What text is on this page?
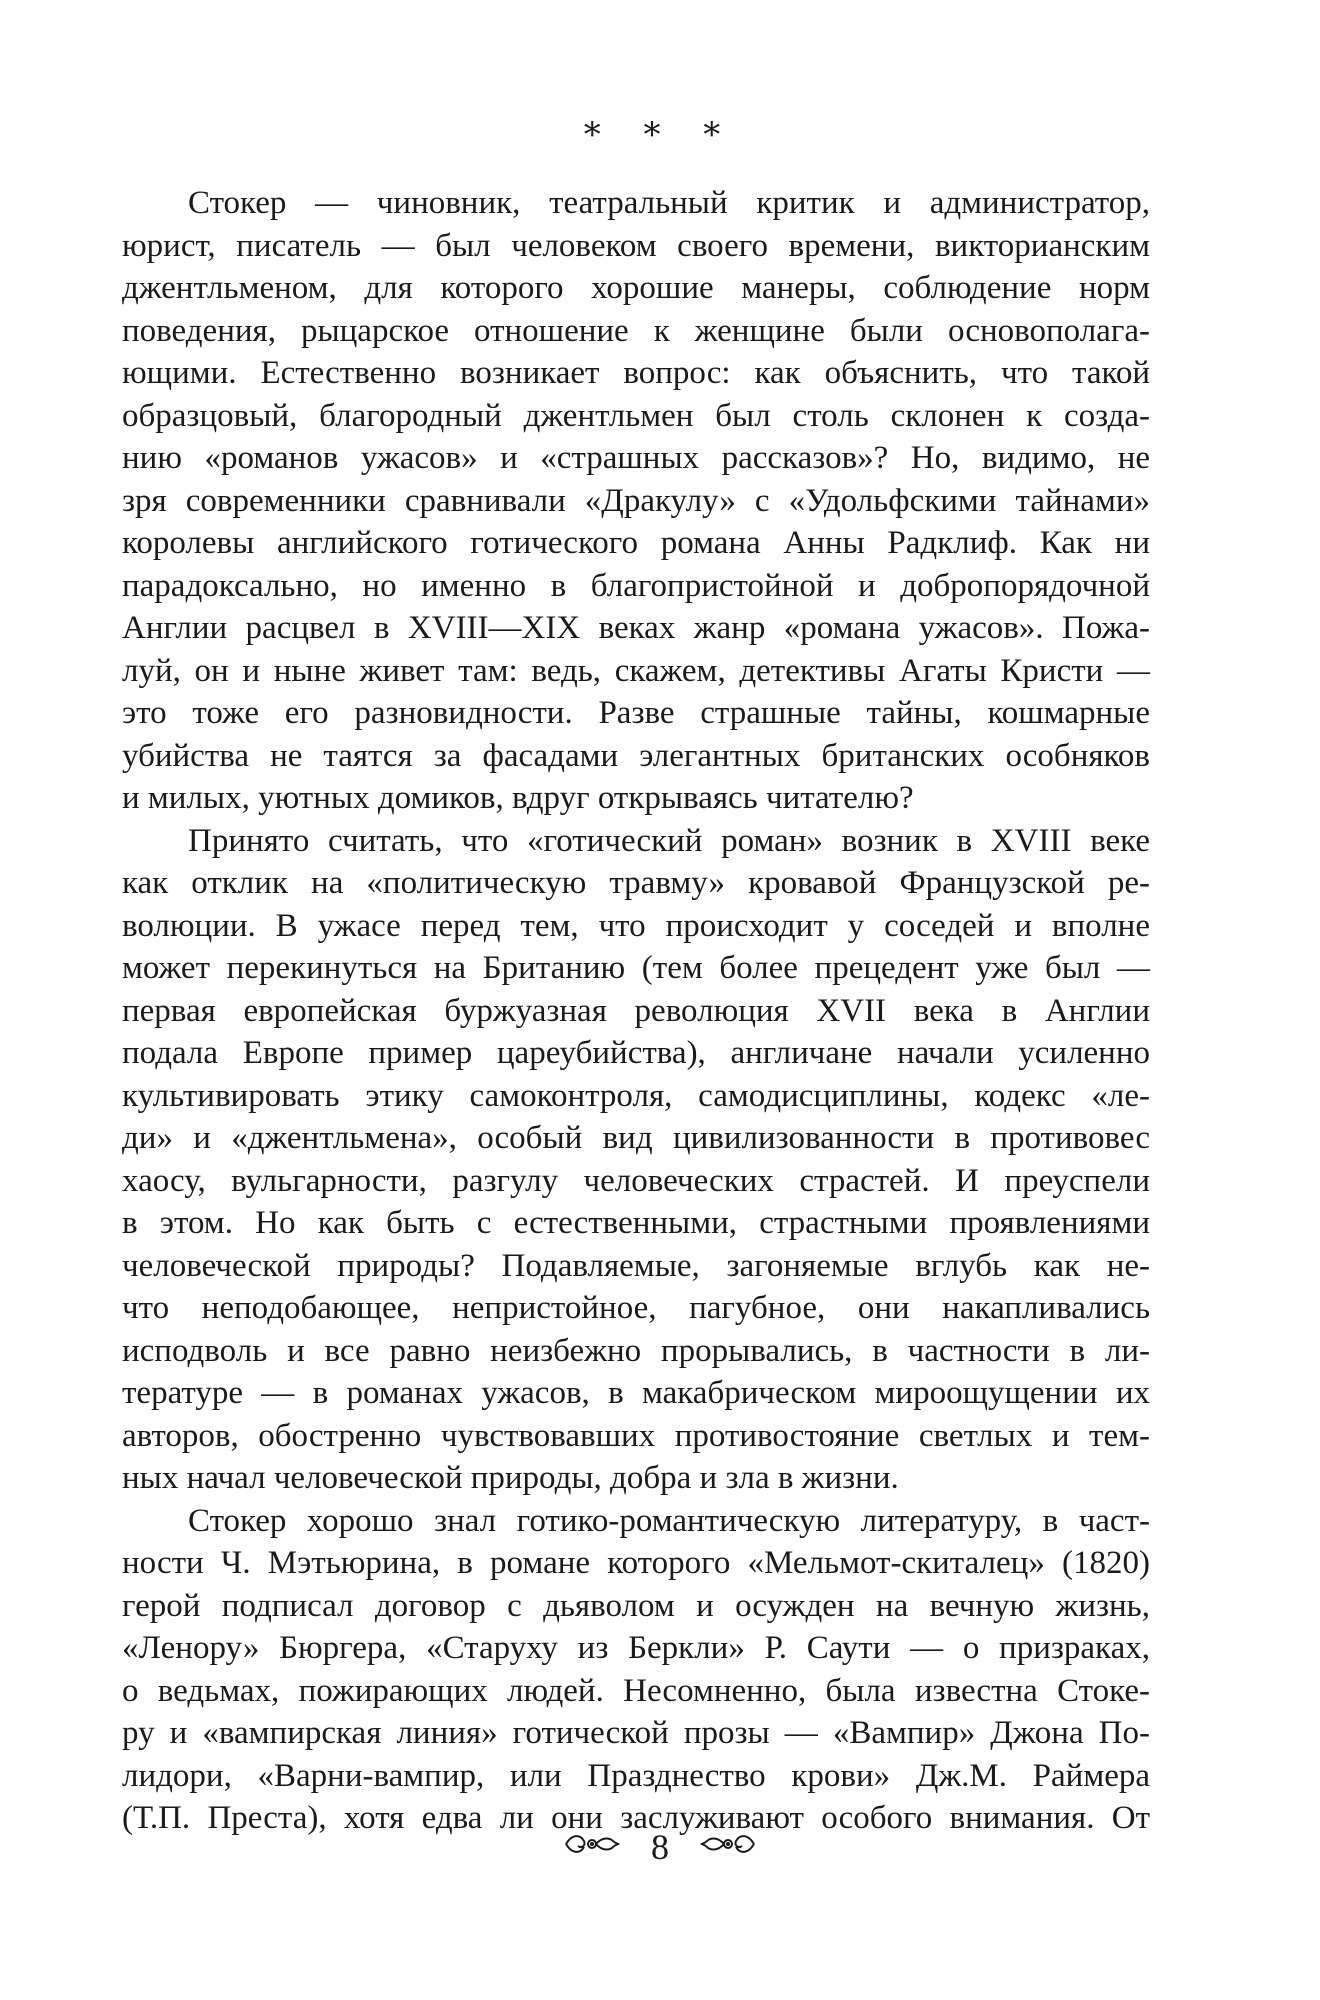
* * *
Стокер — чиновник, театральный критик и администратор,
юрист, писатель — был человеком своего времени, викторианским
джентльменом, для которого хорошие манеры, соблюдение норм
поведения, рыцарское отношение к женщине были основополага-
ющими. Естественно возникает вопрос: как объяснить, что такой
образцовый, благородный джентльмен был столь склонен к созда-
нию «романов ужасов» и «страшных рассказов»? Но, видимо, не
зря современники сравнивали «Дракулу» с «Удольфскими тайнами»
королевы английского готического романа Анны Радклиф. Как ни
парадоксально, но именно в благопристойной и добропорядочной
Англии расцвел в XVIII—XIX веках жанр «романа ужасов». Пожа-
луй, он и ныне живет там: ведь, скажем, детективы Агаты Кристи —
это тоже его разновидности. Разве страшные тайны, кошмарные
убийства не таятся за фасадами элегантных британских особняков
и милых, уютных домиков, вдруг открываясь читателю?
Принято считать, что «готический роман» возник в XVIII веке
как отклик на «политическую травму» кровавой Французской ре-
волюции. В ужасе перед тем, что происходит у соседей и вполне
может перекинуться на Британию (тем более прецедент уже был —
первая европейская буржуазная революция XVII века в Англии
подала Европе пример цареубийства), англичане начали усиленно
культивировать этику самоконтроля, самодисциплины, кодекс «ле-
ди» и «джентльмена», особый вид цивилизованности в противовес
хаосу, вульгарности, разгулу человеческих страстей. И преуспели
в этом. Но как быть с естественными, страстными проявлениями
человеческой природы? Подавляемые, загоняемые вглубь как не-
что неподобающее, непристойное, пагубное, они накапливались
исподволь и все равно неизбежно прорывались, в частности в ли-
тературе — в романах ужасов, в макабрическом мироощущении их
авторов, обостренно чувствовавших противостояние светлых и тем-
ных начал человеческой природы, добра и зла в жизни.
Стокер хорошо знал готико-романтическую литературу, в част-
ности Ч. Мэтьюрина, в романе которого «Мельмот-скиталец» (1820)
герой подписал договор с дьяволом и осужден на вечную жизнь,
«Ленору» Бюргера, «Старуху из Беркли» Р. Саути — о призраках,
о ведьмах, пожирающих людей. Несомненно, была известна Стоке-
ру и «вампирская линия» готической прозы — «Вампир» Джона По-
лидори, «Варни-вампир, или Празднество крови» Дж.М. Раймера
(Т.П. Преста), хотя едва ли они заслуживают особого внимания. От
8
